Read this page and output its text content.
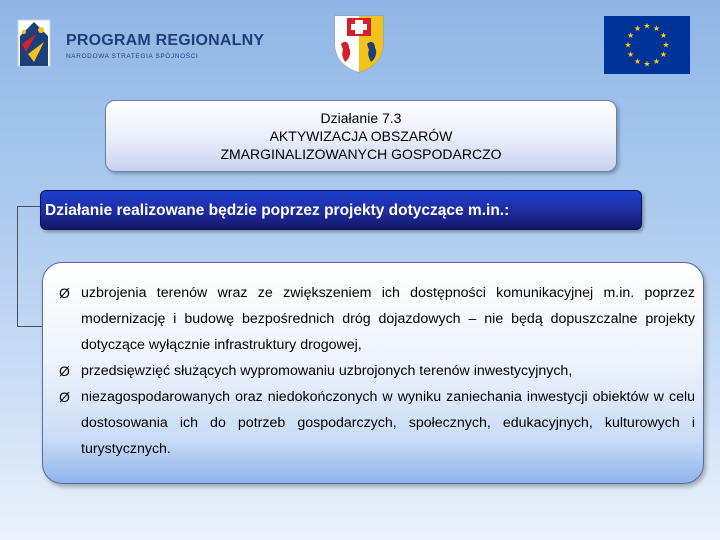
PROGRAM REGIONALNY
NARODOWA STRATEGIA SPÓJNOŚCI
★ ★
★
★
★
★
★
★
★
★
★
★
Działanie 7.3
AKTYWIZACJA OBSZARÓW
ZMARGINALIZOWANYCH GOSPODARCZO
Działanie realizowane będzie poprzez projekty dotyczące m.in.:
Ø uzbrojenia terenów wraz ze zwiększeniem ich dostępności komunikacyjnej m.in. poprzez modernizację i budowę bezpośrednich dróg dojazdowych – nie będą dopuszczalne projekty dotyczące wyłącznie infrastruktury drogowej,
Ø przedsięwzięć służących wypromowaniu uzbrojonych terenów inwestycyjnych,
Ø niezagospodarowanych oraz niedokończonych w wyniku zaniechania inwestycji obiektów w celu dostosowania ich do potrzeb gospodarczych, społecznych, edukacyjnych, kulturowych i turystycznych.
